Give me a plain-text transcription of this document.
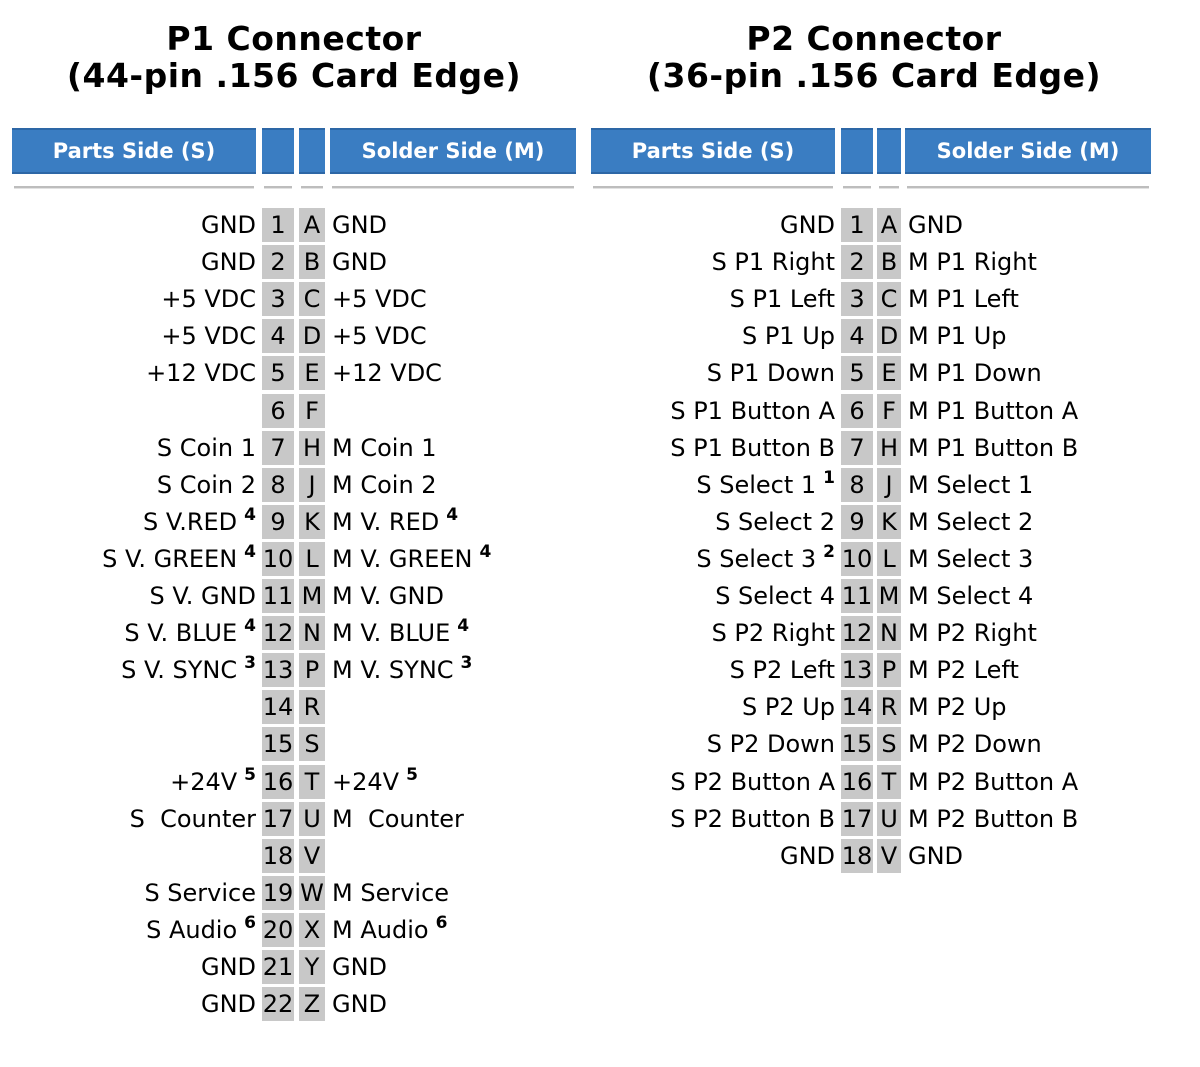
P1 Connector
(44-pin .156 Card Edge)
Parts Side (S)	Solder Side (M)
GND 1 A GND
GND 2 B GND
+5 VDC 3 C +5 VDC
+5 VDC 4 D +5 VDC
+12 VDC 5 E +12 VDC
6 F
S Coin 1 7 H M Coin 1
S Coin 2 8 J M Coin 2
S V.RED $^4$ 9 K M V. RED $^4$
S V. GREEN $^4$ 10 L M V. GREEN $^4$
S V. GND 11 M M V. GND
S V. BLUE $^4$ 12 N M V. BLUE $^4$
S V. SYNC $^3$ 13 P M V. SYNC $^3$
14 R
15 S
+24V $^5$ 16 T +24V $^5$
S  Counter 17 U M  Counter
18 V
S Service 19 W M Service
S Audio $^6$ 20 X M Audio $^6$
GND 21 Y GND
GND 22 Z GND
P2 Connector
(36-pin .156 Card Edge)
Parts Side (S)	Solder Side (M)
GND 1 A GND
S P1 Right 2 B M P1 Right
S P1 Left 3 C M P1 Left
S P1 Up 4 D M P1 Up
S P1 Down 5 E M P1 Down
S P1 Button A 6 F M P1 Button A
S P1 Button B 7 H M P1 Button B
S Select 1 $^1$ 8 J M Select 1
S Select 2 9 K M Select 2
S Select 3 $^2$ 10 L M Select 3
S Select 4 11 M M Select 4
S P2 Right 12 N M P2 Right
S P2 Left 13 P M P2 Left
S P2 Up 14 R M P2 Up
S P2 Down 15 S M P2 Down
S P2 Button A 16 T M P2 Button A
S P2 Button B 17 U M P2 Button B
GND 18 V GND
